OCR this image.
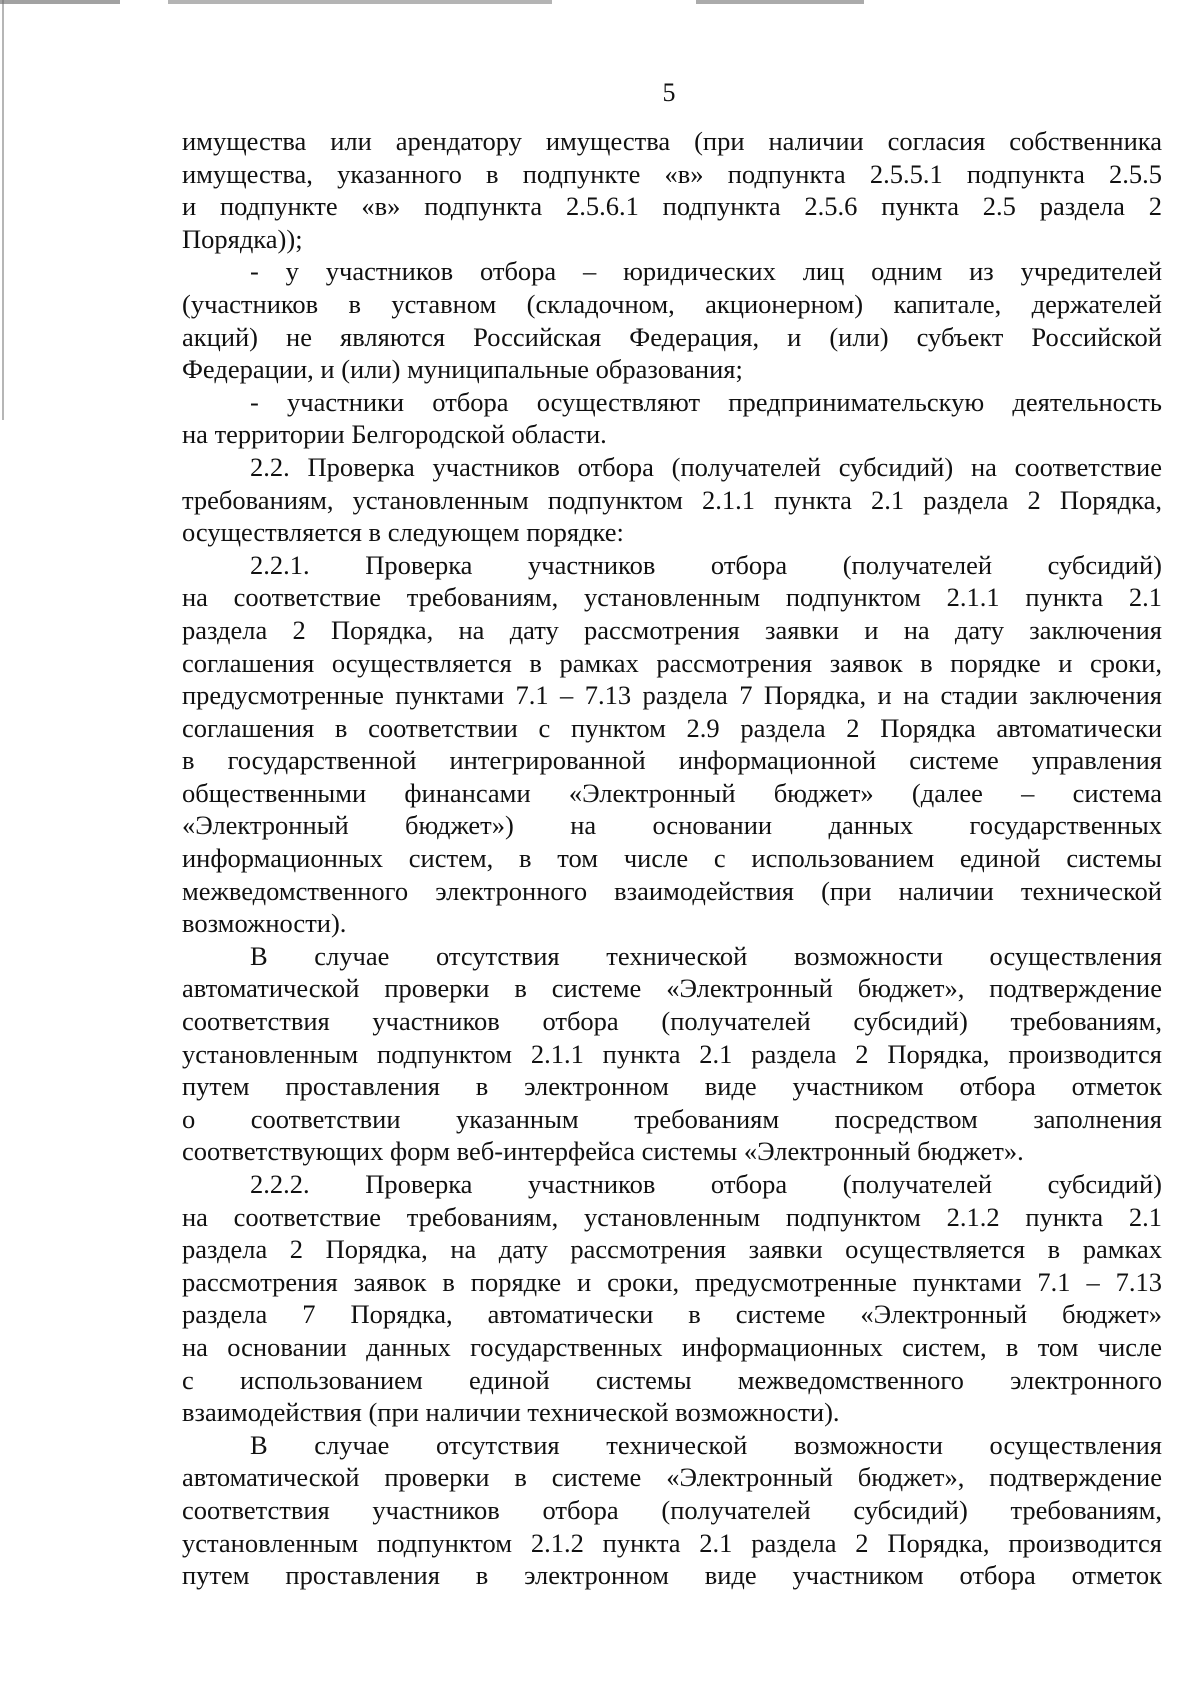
5
имущества или арендатору имущества (при наличии согласия собственника
имущества, указанного в подпункте «в» подпункта 2.5.5.1 подпункта 2.5.5
и подпункте «в» подпункта 2.5.6.1 подпункта 2.5.6 пункта 2.5 раздела 2
Порядка));
- у участников отбора – юридических лиц одним из учредителей
(участников в уставном (складочном, акционерном) капитале, держателей
акций) не являются Российская Федерация, и (или) субъект Российской
Федерации, и (или) муниципальные образования;
- участники отбора осуществляют предпринимательскую деятельность
на территории Белгородской области.
2.2. Проверка участников отбора (получателей субсидий) на соответствие
требованиям, установленным подпунктом 2.1.1 пункта 2.1 раздела 2 Порядка,
осуществляется в следующем порядке:
2.2.1. Проверка участников отбора (получателей субсидий)
на соответствие требованиям, установленным подпунктом 2.1.1 пункта 2.1
раздела 2 Порядка, на дату рассмотрения заявки и на дату заключения
соглашения осуществляется в рамках рассмотрения заявок в порядке и сроки,
предусмотренные пунктами 7.1 – 7.13 раздела 7 Порядка, и на стадии заключения
соглашения в соответствии с пунктом 2.9 раздела 2 Порядка автоматически
в государственной интегрированной информационной системе управления
общественными финансами «Электронный бюджет» (далее – система
«Электронный бюджет») на основании данных государственных
информационных систем, в том числе с использованием единой системы
межведомственного электронного взаимодействия (при наличии технической
возможности).
В случае отсутствия технической возможности осуществления
автоматической проверки в системе «Электронный бюджет», подтверждение
соответствия участников отбора (получателей субсидий) требованиям,
установленным подпунктом 2.1.1 пункта 2.1 раздела 2 Порядка, производится
путем проставления в электронном виде участником отбора отметок
о соответствии указанным требованиям посредством заполнения
соответствующих форм веб-интерфейса системы «Электронный бюджет».
2.2.2. Проверка участников отбора (получателей субсидий)
на соответствие требованиям, установленным подпунктом 2.1.2 пункта 2.1
раздела 2 Порядка, на дату рассмотрения заявки осуществляется в рамках
рассмотрения заявок в порядке и сроки, предусмотренные пунктами 7.1 – 7.13
раздела 7 Порядка, автоматически в системе «Электронный бюджет»
на основании данных государственных информационных систем, в том числе
с использованием единой системы межведомственного электронного
взаимодействия (при наличии технической возможности).
В случае отсутствия технической возможности осуществления
автоматической проверки в системе «Электронный бюджет», подтверждение
соответствия участников отбора (получателей субсидий) требованиям,
установленным подпунктом 2.1.2 пункта 2.1 раздела 2 Порядка, производится
путем проставления в электронном виде участником отбора отметок
